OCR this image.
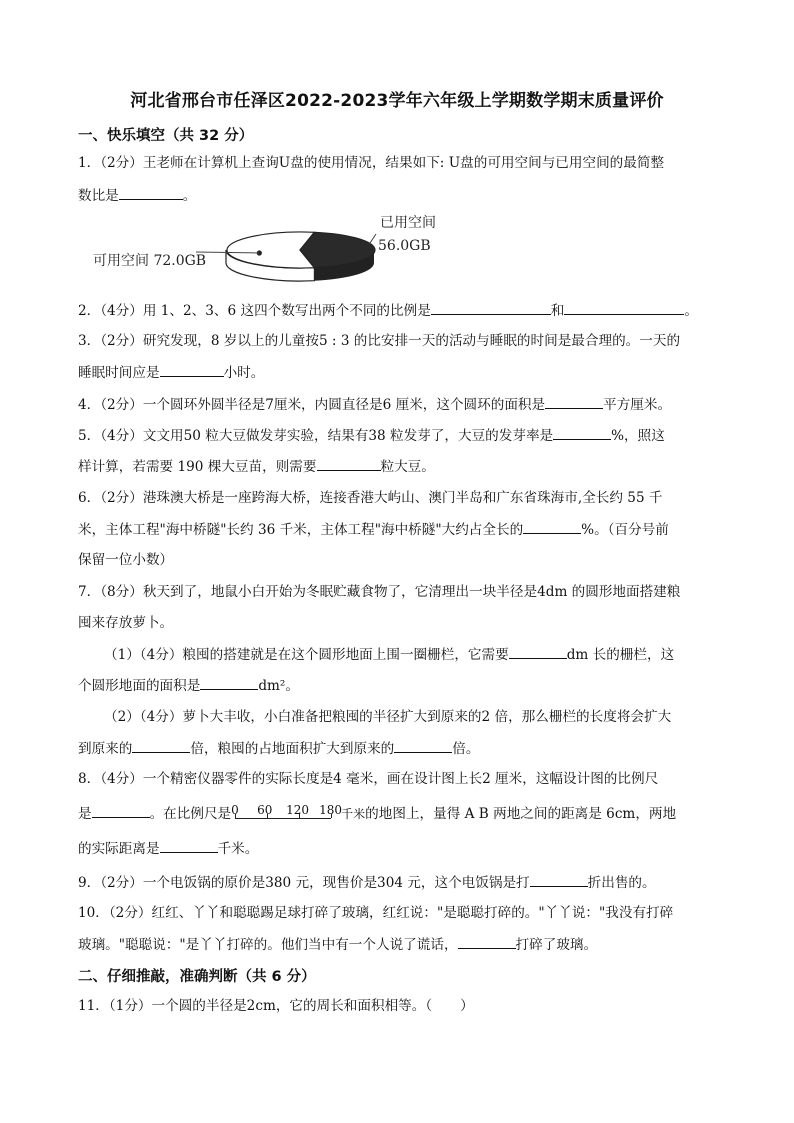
河北省邢台市任泽区2022-2023学年六年级上学期数学期末质量评价
一、快乐填空（共 32 分）
1．（2分）王老师在计算机上查询U盘的使用情况，结果如下: U盘的可用空间与已用空间的最简整
数比是	。
可用空间 72.0GB
已用空间
56.0GB
2．（4分）用 1、2、3、6 这四个数写出两个不同的比例是	和	。
3．（2分）研究发现，8 岁以上的儿童按5 : 3 的比安排一天的活动与睡眠的时间是最合理的。一天的
睡眠时间应是	小时。
4．（2分）一个圆环外圆半径是7厘米，内圆直径是6 厘米，这个圆环的面积是	平方厘米。
5．（4分）文文用50 粒大豆做发芽实验，结果有38 粒发芽了，大豆的发芽率是	%，照这
样计算，若需要 190 棵大豆苗，则需要	粒大豆。
6．（2分）港珠澳大桥是一座跨海大桥，连接香港大屿山、澳门半岛和广东省珠海市,全长约 55 千
米，主体工程"海中桥隧"长约 36 千米，主体工程"海中桥隧"大约占全长的	%。（百分号前
保留一位小数）
7．（8分）秋天到了，地鼠小白开始为冬眠贮藏食物了，它清理出一块半径是4dm 的圆形地面搭建粮
囤来存放萝卜。
（1）（4分）粮囤的搭建就是在这个圆形地面上围一圈栅栏，它需要	dm 长的栅栏，这
个圆形地面的面积是	dm²。
（2）（4分）萝卜大丰收，小白准备把粮囤的半径扩大到原来的2 倍，那么栅栏的长度将会扩大
到原来的	倍，粮囤的占地面积扩大到原来的	倍。
8．（4分）一个精密仪器零件的实际长度是4 毫米，画在设计图上长2 厘米，这幅设计图的比例尺
是	。在比例尺是 0 60 120 180 千米的地图上，量得 A B 两地之间的距离是 6cm，两地
的实际距离是	千米。
9．（2分）一个电饭锅的原价是380 元，现售价是304 元，这个电饭锅是打	折出售的。
10．（2分）红红、丫丫和聪聪踢足球打碎了玻璃，红红说："是聪聪打碎的。"丫丫说："我没有打碎
玻璃。"聪聪说："是丫丫打碎的。他们当中有一个人说了谎话，	打碎了玻璃。
二、仔细推敲，准确判断（共 6 分）
11．（1分）一个圆的半径是2cm，它的周长和面积相等。（ ）
